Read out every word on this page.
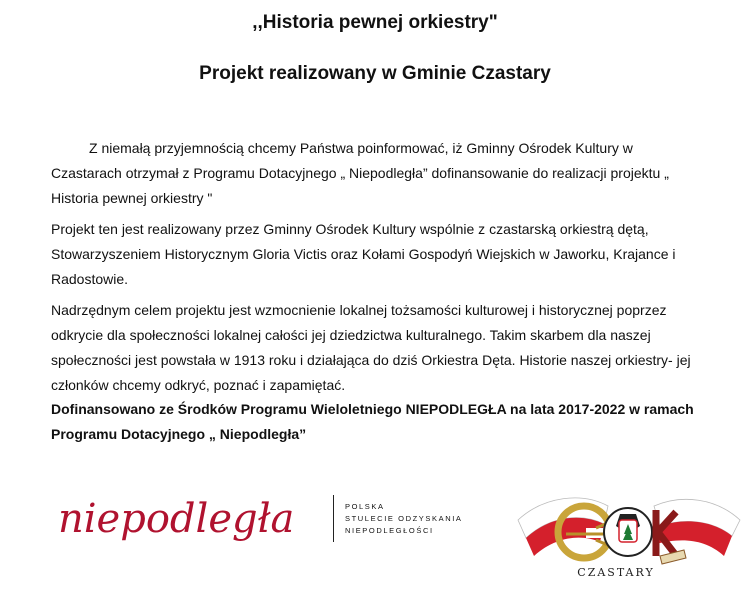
,,Historia pewnej orkiestry"
Projekt realizowany w Gminie Czastary

Z niemałą przyjemnością chcemy Państwa poinformować, iż Gminny Ośrodek Kultury w Czastarach otrzymał z Programu Dotacyjnego „ Niepodległa” dofinansowanie do realizacji projektu „ Historia pewnej orkiestry "

Projekt ten jest realizowany przez Gminny Ośrodek Kultury wspólnie z czastarską orkiestrą dętą, Stowarzyszeniem Historycznym Gloria Victis oraz Kołami Gospodyń Wiejskich w Jaworku, Krajance i Radostowie.

Nadrzędnym celem projektu jest wzmocnienie lokalnej tożsamości kulturowej i historycznej poprzez odkrycie dla społeczności lokalnej całości jej dziedzictwa kulturalnego. Takim skarbem dla naszej społeczności jest powstała w 1913 roku i działająca do dziś Orkiestra Dęta. Historie naszej orkiestry- jej członków chcemy odkryć, poznać i zapamiętać.

Dofinansowano ze Środków Programu Wieloletniego NIEPODLEGŁA na lata 2017-2022 w ramach Programu Dotacyjnego „ Niepodległa”

niepodległa	POLSKA
STULECIE ODZYSKANIA
NIEPODLEGŁOŚCI
CZASTARY
